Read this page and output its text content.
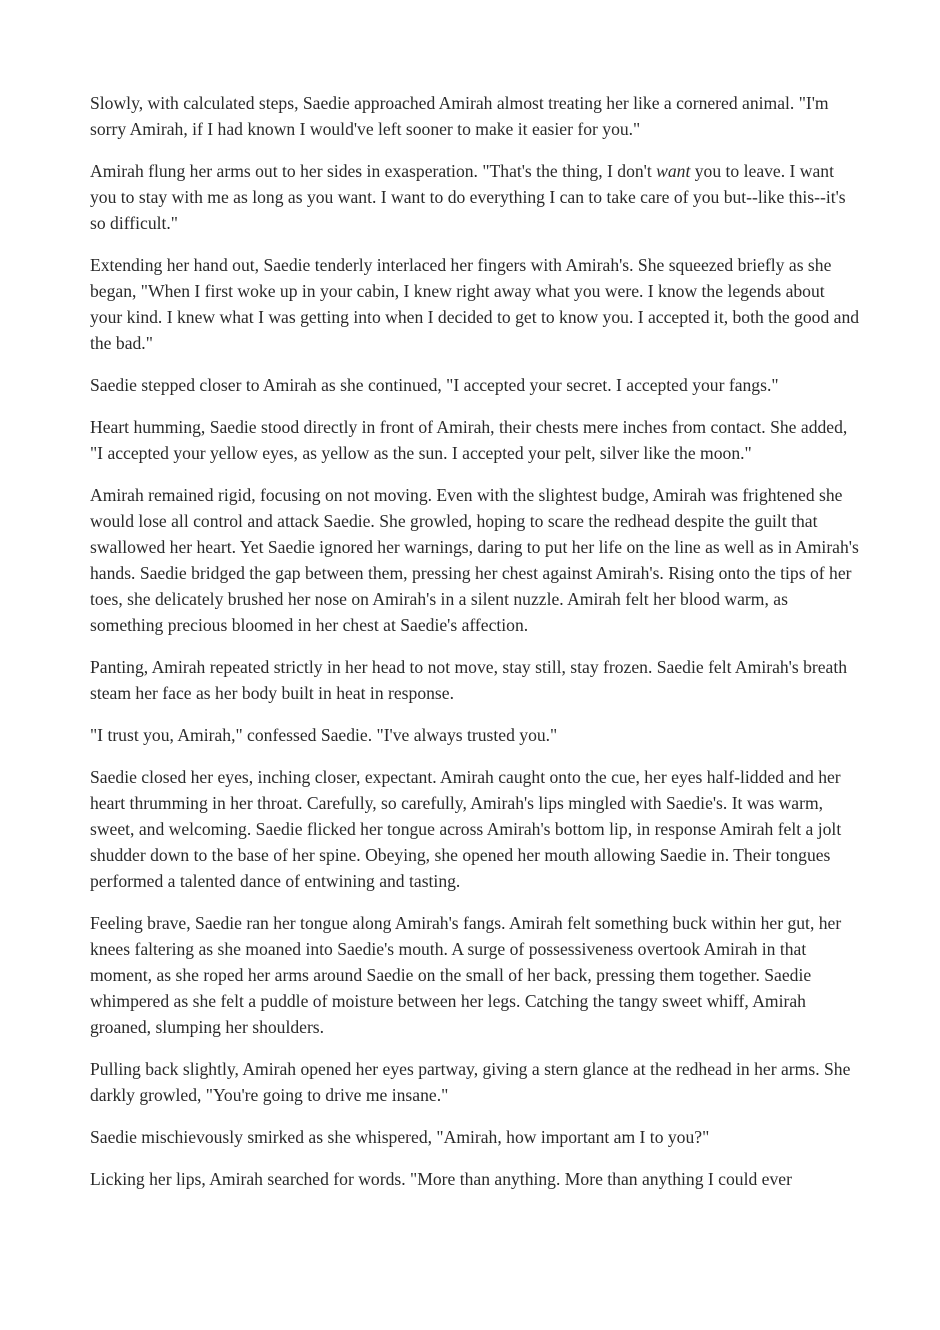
Slowly, with calculated steps, Saedie approached Amirah almost treating her like a cornered animal. "I'm sorry Amirah, if I had known I would've left sooner to make it easier for you."

Amirah flung her arms out to her sides in exasperation. "That's the thing, I don't want you to leave. I want you to stay with me as long as you want. I want to do everything I can to take care of you but--like this--it's so difficult."

Extending her hand out, Saedie tenderly interlaced her fingers with Amirah's. She squeezed briefly as she began, "When I first woke up in your cabin, I knew right away what you were. I know the legends about your kind. I knew what I was getting into when I decided to get to know you. I accepted it, both the good and the bad."

Saedie stepped closer to Amirah as she continued, "I accepted your secret. I accepted your fangs."

Heart humming, Saedie stood directly in front of Amirah, their chests mere inches from contact. She added, "I accepted your yellow eyes, as yellow as the sun. I accepted your pelt, silver like the moon."

Amirah remained rigid, focusing on not moving. Even with the slightest budge, Amirah was frightened she would lose all control and attack Saedie. She growled, hoping to scare the redhead despite the guilt that swallowed her heart. Yet Saedie ignored her warnings, daring to put her life on the line as well as in Amirah's hands. Saedie bridged the gap between them, pressing her chest against Amirah's. Rising onto the tips of her toes, she delicately brushed her nose on Amirah's in a silent nuzzle. Amirah felt her blood warm, as something precious bloomed in her chest at Saedie's affection.

Panting, Amirah repeated strictly in her head to not move, stay still, stay frozen. Saedie felt Amirah's breath steam her face as her body built in heat in response.

"I trust you, Amirah," confessed Saedie. "I've always trusted you."

Saedie closed her eyes, inching closer, expectant. Amirah caught onto the cue, her eyes half-lidded and her heart thrumming in her throat. Carefully, so carefully, Amirah's lips mingled with Saedie's. It was warm, sweet, and welcoming. Saedie flicked her tongue across Amirah's bottom lip, in response Amirah felt a jolt shudder down to the base of her spine. Obeying, she opened her mouth allowing Saedie in. Their tongues performed a talented dance of entwining and tasting.

Feeling brave, Saedie ran her tongue along Amirah's fangs. Amirah felt something buck within her gut, her knees faltering as she moaned into Saedie's mouth. A surge of possessiveness overtook Amirah in that moment, as she roped her arms around Saedie on the small of her back, pressing them together. Saedie whimpered as she felt a puddle of moisture between her legs. Catching the tangy sweet whiff, Amirah groaned, slumping her shoulders.

Pulling back slightly, Amirah opened her eyes partway, giving a stern glance at the redhead in her arms. She darkly growled, "You're going to drive me insane."

Saedie mischievously smirked as she whispered, "Amirah, how important am I to you?"

Licking her lips, Amirah searched for words. "More than anything. More than anything I could ever
